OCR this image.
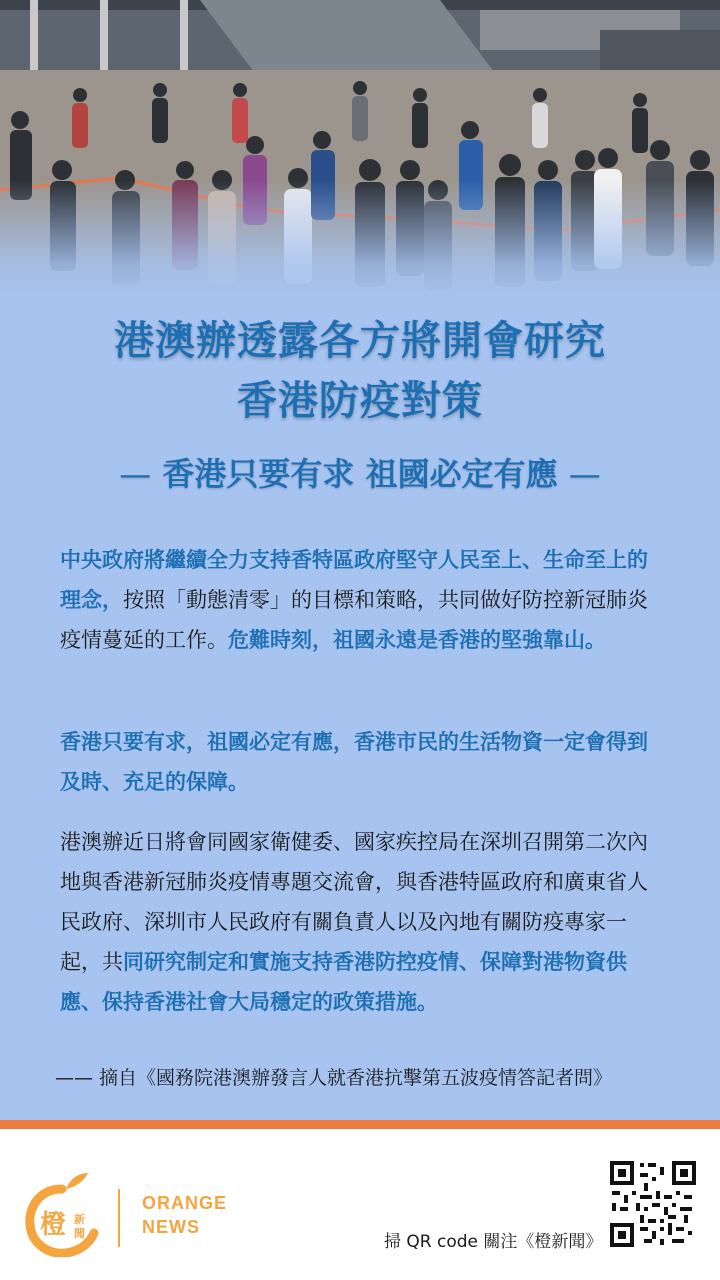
港澳辦透露各方將開會研究
香港防疫對策
— 香港只要有求 祖國必定有應 —
中央政府將繼續全力支持香特區政府堅守人民至上、生命至上的理念，按照「動態清零」的目標和策略，共同做好防控新冠肺炎疫情蔓延的工作。危難時刻，祖國永遠是香港的堅強靠山。
香港只要有求，祖國必定有應，香港市民的生活物資一定會得到及時、充足的保障。
港澳辦近日將會同國家衛健委、國家疾控局在深圳召開第二次內地與香港新冠肺炎疫情專題交流會，與香港特區政府和廣東省人民政府、深圳市人民政府有關負責人以及內地有關防疫專家一起，共同研究制定和實施支持香港防控疫情、保障對港物資供應、保持香港社會大局穩定的政策措施。
—— 摘自《國務院港澳辦發言人就香港抗擊第五波疫情答記者問》
橙 新
聞
ORANGE
NEWS
掃 QR code 關注《橙新聞》
